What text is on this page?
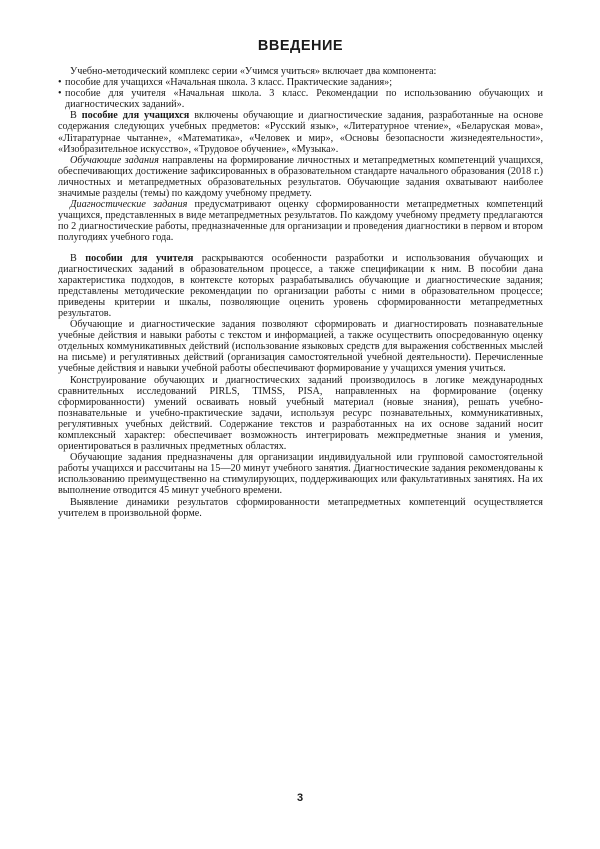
ВВЕДЕНИЕ

Учебно-методический комплекс серии «Учимся учиться» включает два компонента:

• пособие для учащихся «Начальная школа. 3 класс. Практические задания»;
• пособие для учителя «Начальная школа. 3 класс. Рекомендации по использованию обучающих и диагностических заданий».

В пособие для учащихся включены обучающие и диагностические задания, разработанные на основе содержания следующих учебных предметов: «Русский язык», «Литературное чтение», «Беларуская мова», «Літаратурнае чытанне», «Математика», «Человек и мир», «Основы безопасности жизнедеятельности», «Изобразительное искусство», «Трудовое обучение», «Музыка».

Обучающие задания направлены на формирование личностных и метапредметных компетенций учащихся, обеспечивающих достижение зафиксированных в образовательном стандарте начального образования (2018 г.) личностных и метапредметных образовательных результатов. Обучающие задания охватывают наиболее значимые разделы (темы) по каждому учебному предмету.

Диагностические задания предусматривают оценку сформированности метапредметных компетенций учащихся, представленных в виде метапредметных результатов. По каждому учебному предмету предлагаются по 2 диагностические работы, предназначенные для организации и проведения диагностики в первом и втором полугодиях учебного года.

В пособии для учителя раскрываются особенности разработки и использования обучающих и диагностических заданий в образовательном процессе, а также спецификации к ним. В пособии дана характеристика подходов, в контексте которых разрабатывались обучающие и диагностические задания; представлены методические рекомендации по организации работы с ними в образовательном процессе; приведены критерии и шкалы, позволяющие оценить уровень сформированности метапредметных результатов.

Обучающие и диагностические задания позволяют сформировать и диагностировать познавательные учебные действия и навыки работы с текстом и информацией, а также осуществить опосредованную оценку отдельных коммуникативных действий (использование языковых средств для выражения собственных мыслей на письме) и регулятивных действий (организация самостоятельной учебной деятельности). Перечисленные учебные действия и навыки учебной работы обеспечивают формирование у учащихся умения учиться.

Конструирование обучающих и диагностических заданий производилось в логике международных сравнительных исследований PIRLS, TIMSS, PISA, направленных на формирование (оценку сформированности) умений осваивать новый учебный материал (новые знания), решать учебно-познавательные и учебно-практические задачи, используя ресурс познавательных, коммуникативных, регулятивных учебных действий. Содержание текстов и разработанных на их основе заданий носит комплексный характер: обеспечивает возможность интегрировать межпредметные знания и умения, ориентироваться в различных предметных областях.

Обучающие задания предназначены для организации индивидуальной или групповой самостоятельной работы учащихся и рассчитаны на 15—20 минут учебного занятия. Диагностические задания рекомендованы к использованию преимущественно на стимулирующих, поддерживающих или факультативных занятиях. На их выполнение отводится 45 минут учебного времени.

Выявление динамики результатов сформированности метапредметных компетенций осуществляется учителем в произвольной форме.

3
